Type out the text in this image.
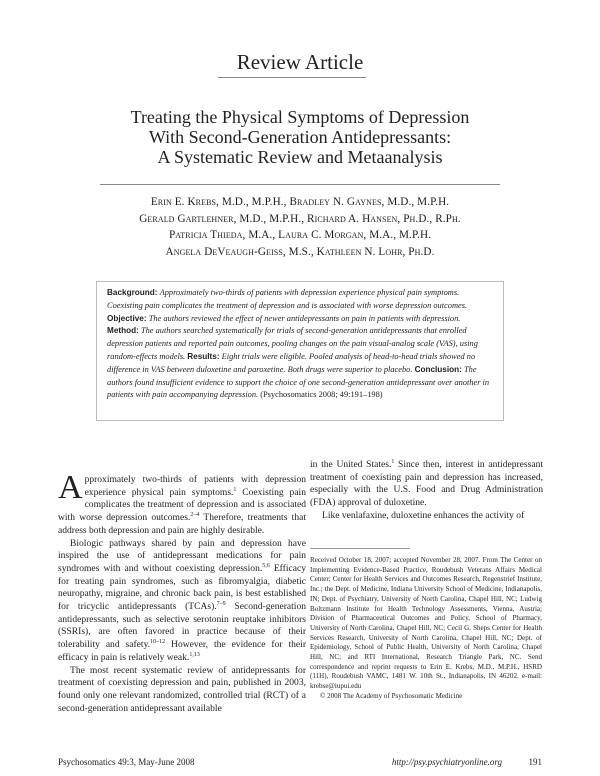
Review Article
Treating the Physical Symptoms of Depression
With Second-Generation Antidepressants:
A Systematic Review and Metaanalysis
Erin E. Krebs, M.D., M.P.H., Bradley N. Gaynes, M.D., M.P.H.
Gerald Gartlehner, M.D., M.P.H., Richard A. Hansen, Ph.D., R.Ph.
Patricia Thieda, M.A., Laura C. Morgan, M.A., M.P.H.
Angela DeVeaugh-Geiss, M.S., Kathleen N. Lohr, Ph.D.
Background: Approximately two-thirds of patients with depression experience physical pain symptoms. Coexisting pain complicates the treatment of depression and is associated with worse depression outcomes. Objective: The authors reviewed the effect of newer antidepressants on pain in patients with depression. Method: The authors searched systematically for trials of second-generation antidepressants that enrolled depression patients and reported pain outcomes, pooling changes on the pain visual-analog scale (VAS), using random-effects models. Results: Eight trials were eligible. Pooled analysis of head-to-head trials showed no difference in VAS between duloxetine and paroxetine. Both drugs were superior to placebo. Conclusion: The authors found insufficient evidence to support the choice of one second-generation antidepressant over another in patients with pain accompanying depression. (Psychosomatics 2008; 49:191–198)

Approximately two-thirds of patients with depression experience physical pain symptoms.$^1$ Coexisting pain complicates the treatment of depression and is associated with worse depression outcomes.$^{2-4}$ Therefore, treatments that address both depression and pain are highly desirable.

Biologic pathways shared by pain and depression have inspired the use of antidepressant medications for pain syndromes with and without coexisting depression.$^{5,6}$ Efficacy for treating pain syndromes, such as fibromyalgia, diabetic neuropathy, migraine, and chronic back pain, is best established for tricyclic antidepressants (TCAs).$^{7-9}$ Second-generation antidepressants, such as selective serotonin reuptake inhibitors (SSRIs), are often favored in practice because of their tolerability and safety.$^{10-12}$ However, the evidence for their efficacy in pain is relatively weak.$^{1,13}$

The most recent systematic review of antidepressants for treatment of coexisting depression and pain, published in 2003, found only one relevant randomized, controlled trial (RCT) of a second-generation antidepressant available

in the United States.$^1$ Since then, interest in antidepressant treatment of coexisting pain and depression has increased, especially with the U.S. Food and Drug Administration (FDA) approval of duloxetine.

Like venlafaxine, duloxetine enhances the activity of

Received October 18, 2007; accepted November 28, 2007. From The Center on Implementing Evidence-Based Practice, Roudebush Veterans Affairs Medical Center; Center for Health Services and Outcomes Research, Regenstrief Institute, Inc.; the Dept. of Medicine, Indiana University School of Medicine, Indianapolis, IN; Dept. of Psychiatry, University of North Carolina, Chapel Hill, NC; Ludwig Boltzmann Institute for Health Technology Assessments, Vienna, Austria; Division of Pharmaceutical Outcomes and Policy, School of Pharmacy, University of North Carolina, Chapel Hill, NC; Cecil G. Sheps Center for Health Services Research, University of North Carolina, Chapel Hill, NC; Dept. of Epidemiology, School of Public Health, University of North Carolina, Chapel Hill, NC; and RTI International, Research Triangle Park, NC. Send correspondence and reprint requests to Erin E. Krebs, M.D., M.P.H., HSRD (11H), Roudebush VAMC, 1481 W. 10th St., Indianapolis, IN 46202. e-mail: krebse@iupui.edu
© 2008 The Academy of Psychosomatic Medicine
Psychosomatics 49:3, May-June 2008	http://psy.psychiatryonline.org	191
